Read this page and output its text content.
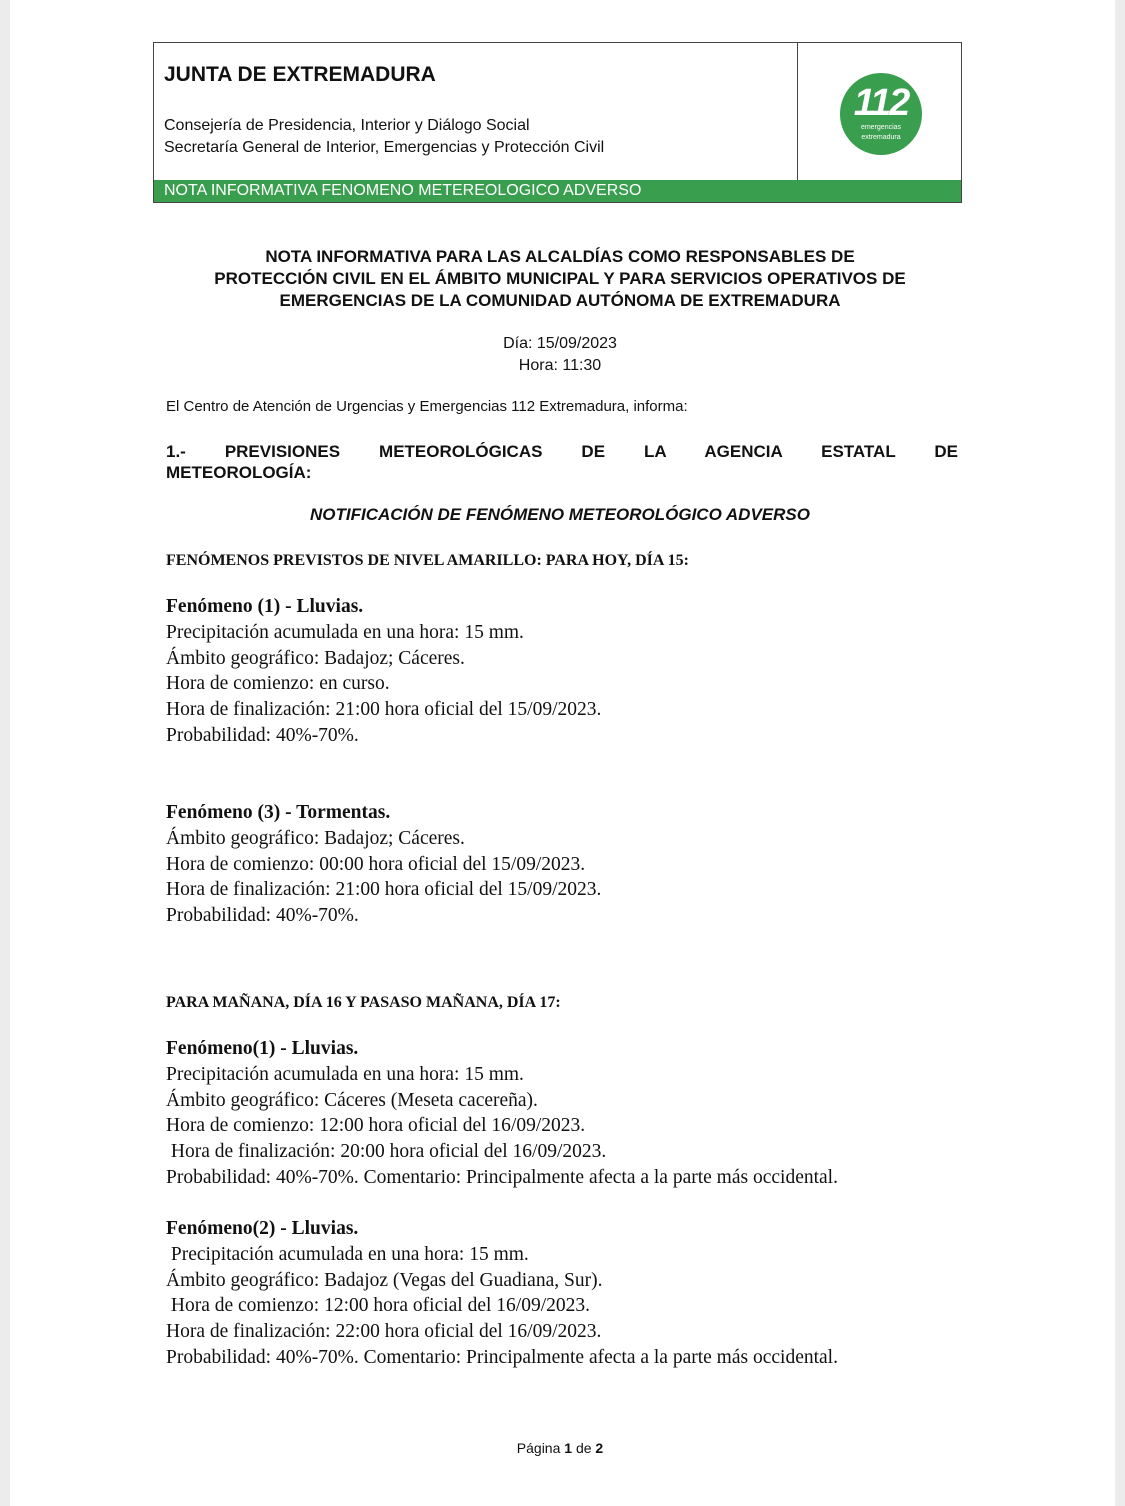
JUNTA DE EXTREMADURA

Consejería de Presidencia, Interior y Diálogo Social

Secretaría General de Interior, Emergencias y Protección Civil

112
emergencias
extremadura
NOTA INFORMATIVA FENOMENO METEREOLOGICO ADVERSO
NOTA INFORMATIVA PARA LAS ALCALDÍAS COMO RESPONSABLES DE
PROTECCIÓN CIVIL EN EL ÁMBITO MUNICIPAL Y PARA SERVICIOS OPERATIVOS DE
EMERGENCIAS DE LA COMUNIDAD AUTÓNOMA DE EXTREMADURA
Día: 15/09/2023
Hora: 11:30

El Centro de Atención de Urgencias y Emergencias 112 Extremadura, informa:

1.- PREVISIONES METEOROLÓGICAS DE LA AGENCIA ESTATAL DE

METEOROLOGÍA:

NOTIFICACIÓN DE FENÓMENO METEOROLÓGICO ADVERSO

FENÓMENOS PREVISTOS DE NIVEL AMARILLO: PARA HOY, DÍA 15:

Fenómeno (1) - Lluvias.
Precipitación acumulada en una hora: 15 mm.
Ámbito geográfico: Badajoz; Cáceres.
Hora de comienzo: en curso.
Hora de finalización: 21:00 hora oficial del 15/09/2023.
Probabilidad: 40%-70%.
Fenómeno (3) - Tormentas.
Ámbito geográfico: Badajoz; Cáceres.
Hora de comienzo: 00:00 hora oficial del 15/09/2023.
Hora de finalización: 21:00 hora oficial del 15/09/2023.
Probabilidad: 40%-70%.

PARA MAÑANA, DÍA 16 Y PASASO MAÑANA, DÍA 17:

Fenómeno(1) - Lluvias.
Precipitación acumulada en una hora: 15 mm.
Ámbito geográfico: Cáceres (Meseta cacereña).
Hora de comienzo: 12:00 hora oficial del 16/09/2023.
Hora de finalización: 20:00 hora oficial del 16/09/2023.
Probabilidad: 40%-70%. Comentario: Principalmente afecta a la parte más occidental.
Fenómeno(2) - Lluvias.
Precipitación acumulada en una hora: 15 mm.
Ámbito geográfico: Badajoz (Vegas del Guadiana, Sur).
Hora de comienzo: 12:00 hora oficial del 16/09/2023.
Hora de finalización: 22:00 hora oficial del 16/09/2023.
Probabilidad: 40%-70%. Comentario: Principalmente afecta a la parte más occidental.
Página 1 de 2
